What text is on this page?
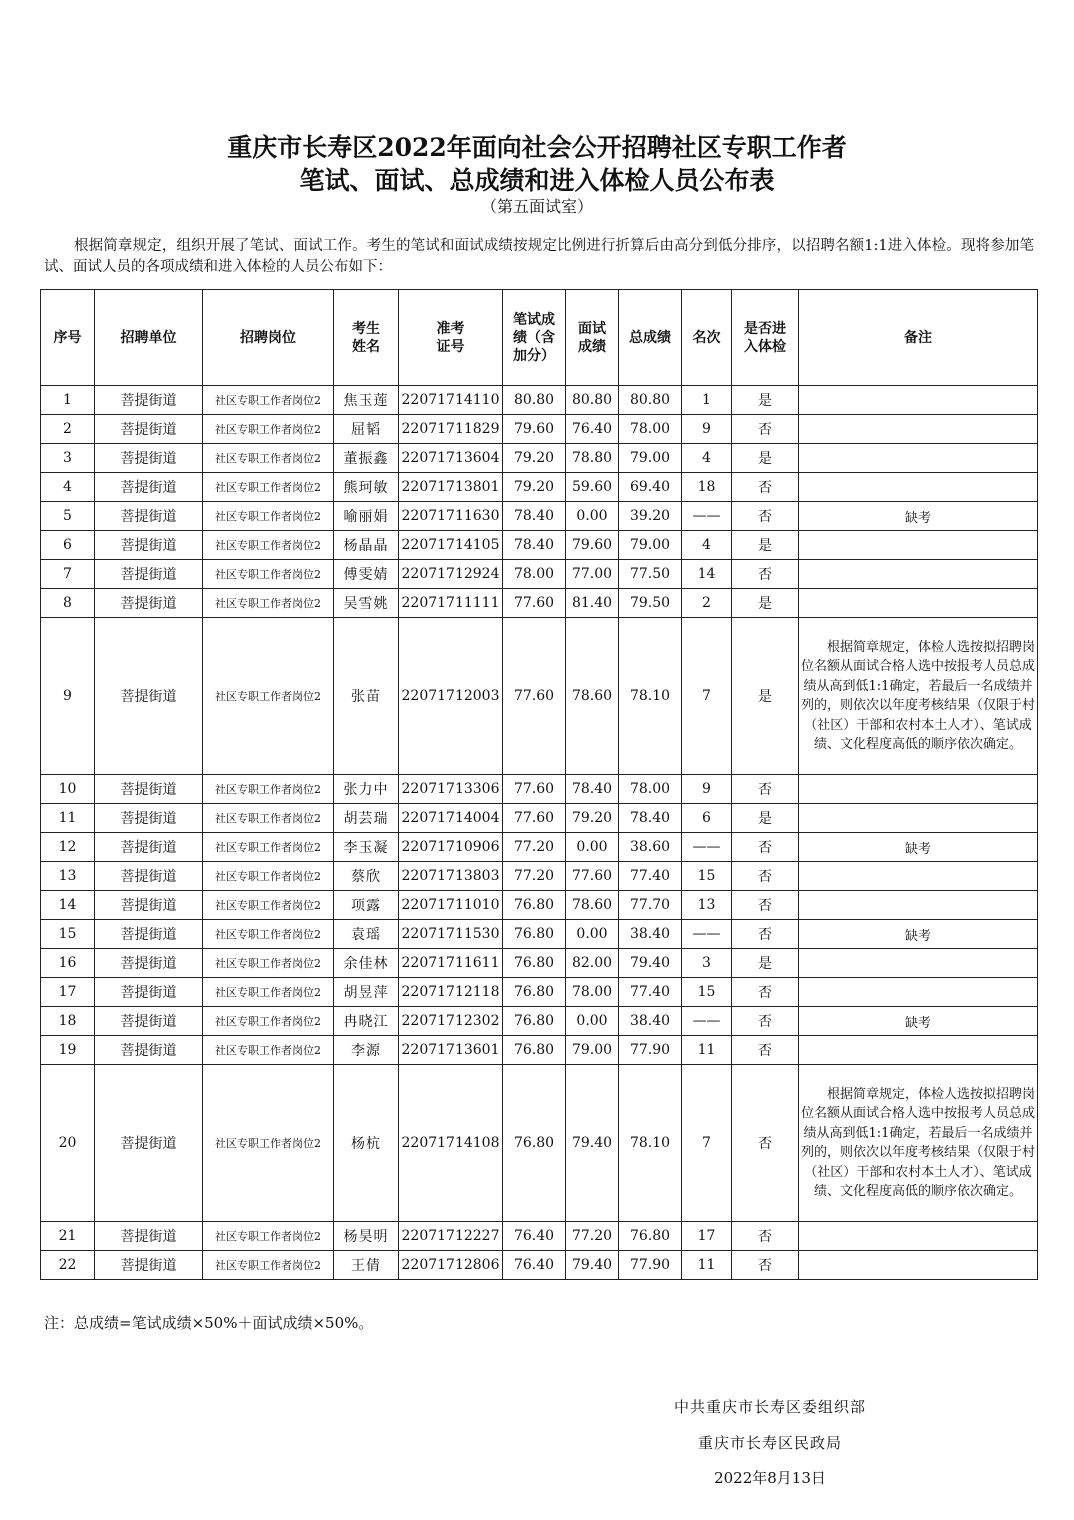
重庆市长寿区2022年面向社会公开招聘社区专职工作者
笔试、面试、总成绩和进入体检人员公布表
（第五面试室）
根据简章规定，组织开展了笔试、面试工作。考生的笔试和面试成绩按规定比例进行折算后由高分到低分排序，以招聘名额1:1进入体检。现将参加笔试、面试人员的各项成绩和进入体检的人员公布如下：
序号	招聘单位	招聘岗位	考生姓名	准考证号	笔试成绩（含加分）	面试成绩	总成绩	名次	是否进入体检	备注
1	菩提街道	社区专职工作者岗位2	焦玉莲	22071714110	80.80	80.80	80.80	1	是	
2	菩提街道	社区专职工作者岗位2	屈韬	22071711829	79.60	76.40	78.00	9	否	
3	菩提街道	社区专职工作者岗位2	董振鑫	22071713604	79.20	78.80	79.00	4	是	
4	菩提街道	社区专职工作者岗位2	熊珂敏	22071713801	79.20	59.60	69.40	18	否	
5	菩提街道	社区专职工作者岗位2	喻丽娟	22071711630	78.40	0.00	39.20	——	否	缺考
6	菩提街道	社区专职工作者岗位2	杨晶晶	22071714105	78.40	79.60	79.00	4	是	
7	菩提街道	社区专职工作者岗位2	傅雯婧	22071712924	78.00	77.00	77.50	14	否	
8	菩提街道	社区专职工作者岗位2	吴雪姚	22071711111	77.60	81.40	79.50	2	是	
9	菩提街道	社区专职工作者岗位2	张苗	22071712003	77.60	78.60	78.10	7	是	根据简章规定，体检人选按拟招聘岗位名额从面试合格人选中按报考人员总成绩从高到低1:1确定，若最后一名成绩并列的，则依次以年度考核结果（仅限于村（社区）干部和农村本土人才）、笔试成绩、文化程度高低的顺序依次确定。
10	菩提街道	社区专职工作者岗位2	张力中	22071713306	77.60	78.40	78.00	9	否	
11	菩提街道	社区专职工作者岗位2	胡芸瑞	22071714004	77.60	79.20	78.40	6	是	
12	菩提街道	社区专职工作者岗位2	李玉凝	22071710906	77.20	0.00	38.60	——	否	缺考
13	菩提街道	社区专职工作者岗位2	蔡欣	22071713803	77.20	77.60	77.40	15	否	
14	菩提街道	社区专职工作者岗位2	项露	22071711010	76.80	78.60	77.70	13	否	
15	菩提街道	社区专职工作者岗位2	袁瑶	22071711530	76.80	0.00	38.40	——	否	缺考
16	菩提街道	社区专职工作者岗位2	余佳林	22071711611	76.80	82.00	79.40	3	是	
17	菩提街道	社区专职工作者岗位2	胡昱萍	22071712118	76.80	78.00	77.40	15	否	
18	菩提街道	社区专职工作者岗位2	冉晓江	22071712302	76.80	0.00	38.40	——	否	缺考
19	菩提街道	社区专职工作者岗位2	李源	22071713601	76.80	79.00	77.90	11	否	
20	菩提街道	社区专职工作者岗位2	杨杭	22071714108	76.80	79.40	78.10	7	否	根据简章规定，体检人选按拟招聘岗位名额从面试合格人选中按报考人员总成绩从高到低1:1确定，若最后一名成绩并列的，则依次以年度考核结果（仅限于村（社区）干部和农村本土人才）、笔试成绩、文化程度高低的顺序依次确定。
21	菩提街道	社区专职工作者岗位2	杨昊明	22071712227	76.40	77.20	76.80	17	否	
22	菩提街道	社区专职工作者岗位2	王倩	22071712806	76.40	79.40	77.90	11	否	
注：总成绩=笔试成绩×50%＋面试成绩×50%。
中共重庆市长寿区委组织部
重庆市长寿区民政局
2022年8月13日
